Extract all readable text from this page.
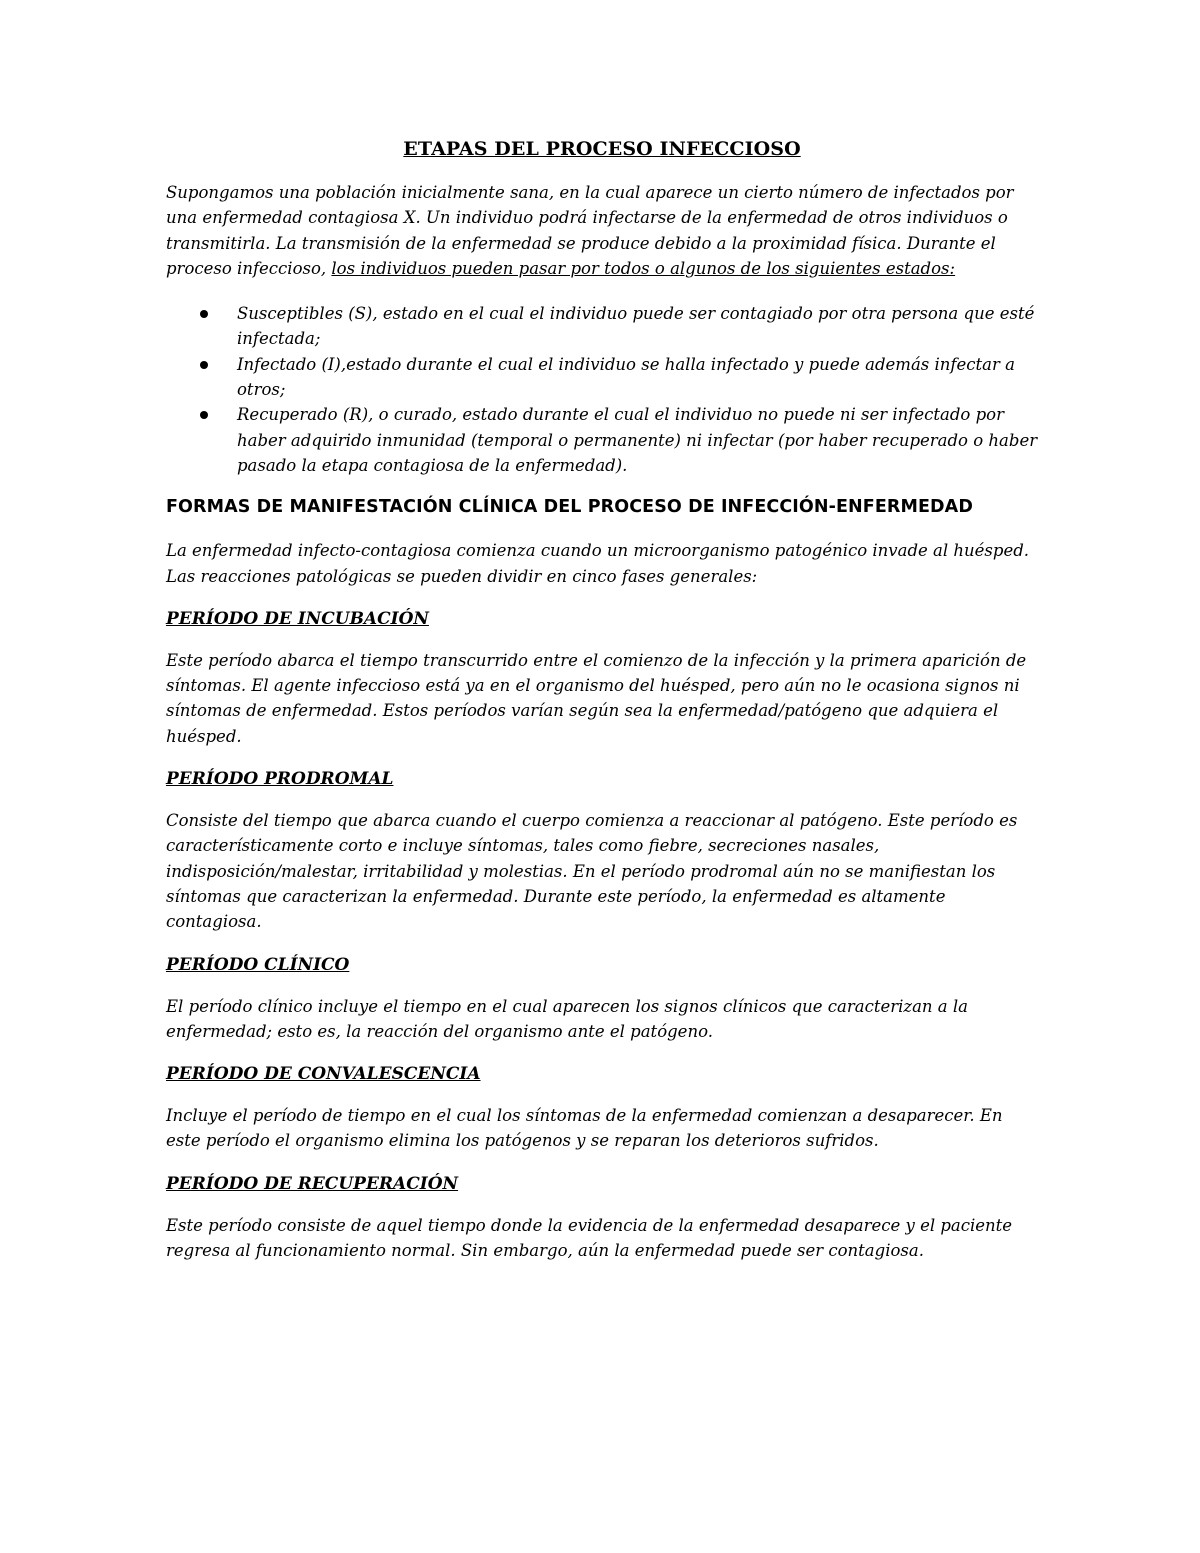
ETAPAS DEL PROCESO INFECCIOSO

Supongamos una población inicialmente sana, en la cual aparece un cierto número de infectados por una enfermedad contagiosa X. Un individuo podrá infectarse de la enfermedad de otros individuos o transmitirla. La transmisión de la enfermedad se produce debido a la proximidad física. Durante el proceso infeccioso, los individuos pueden pasar por todos o algunos de los siguientes estados:

Susceptibles (S), estado en el cual el individuo puede ser contagiado por otra persona que esté infectada;
Infectado (I),estado durante el cual el individuo se halla infectado y puede además infectar a otros;
Recuperado (R), o curado, estado durante el cual el individuo no puede ni ser infectado por haber adquirido inmunidad (temporal o permanente) ni infectar (por haber recuperado o haber pasado la etapa contagiosa de la enfermedad).
FORMAS DE MANIFESTACIÓN CLÍNICA DEL PROCESO DE INFECCIÓN-ENFERMEDAD

La enfermedad infecto-contagiosa comienza cuando un microorganismo patogénico invade al huésped. Las reacciones patológicas se pueden dividir en cinco fases generales:

PERÍODO DE INCUBACIÓN

Este período abarca el tiempo transcurrido entre el comienzo de la infección y la primera aparición de síntomas. El agente infeccioso está ya en el organismo del huésped, pero aún no le ocasiona signos ni síntomas de enfermedad. Estos períodos varían según sea la enfermedad/patógeno que adquiera el huésped.

PERÍODO PRODROMAL

Consiste del tiempo que abarca cuando el cuerpo comienza a reaccionar al patógeno. Este período es característicamente corto e incluye síntomas, tales como fiebre, secreciones nasales, indisposición/malestar, irritabilidad y molestias. En el período prodromal aún no se manifiestan los síntomas que caracterizan la enfermedad. Durante este período, la enfermedad es altamente contagiosa.

PERÍODO CLÍNICO

El período clínico incluye el tiempo en el cual aparecen los signos clínicos que caracterizan a la enfermedad; esto es, la reacción del organismo ante el patógeno.

PERÍODO DE CONVALESCENCIA

Incluye el período de tiempo en el cual los síntomas de la enfermedad comienzan a desaparecer. En este período el organismo elimina los patógenos y se reparan los deterioros sufridos.

PERÍODO DE RECUPERACIÓN

Este período consiste de aquel tiempo donde la evidencia de la enfermedad desaparece y el paciente regresa al funcionamiento normal. Sin embargo, aún la enfermedad puede ser contagiosa.
